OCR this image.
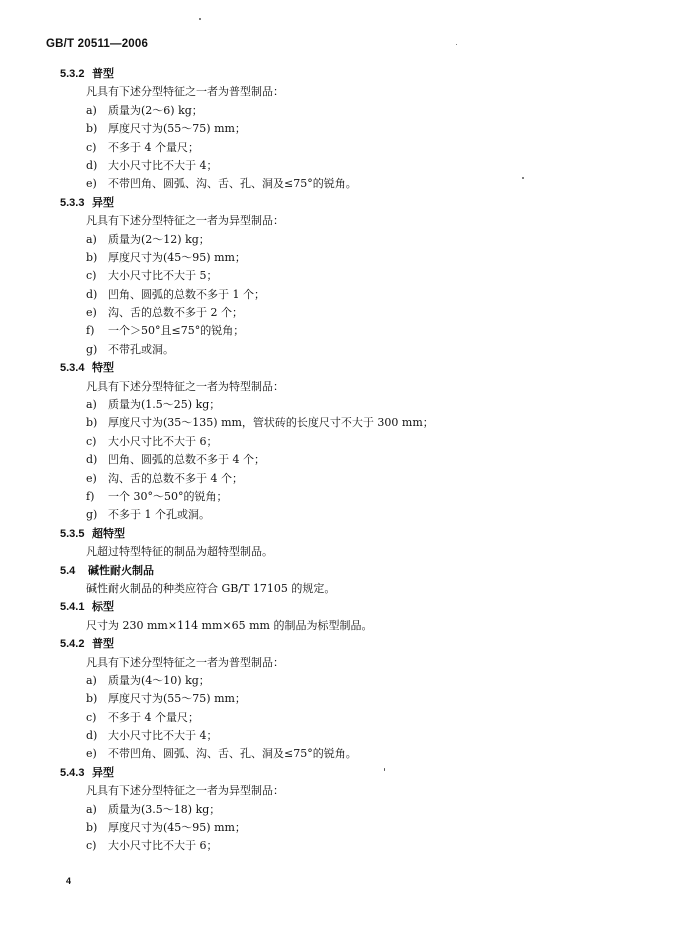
GB/T 20511—2006

5.3.2 普型
凡具有下述分型特征之一者为普型制品：
a) 质量为(2～6) kg；
b) 厚度尺寸为(55～75) mm；
c) 不多于 4 个量尺；
d) 大小尺寸比不大于 4；
e) 不带凹角、圆弧、沟、舌、孔、洞及≤75°的锐角。
5.3.3 异型
凡具有下述分型特征之一者为异型制品：
a) 质量为(2～12) kg；
b) 厚度尺寸为(45～95) mm；
c) 大小尺寸比不大于 5；
d) 凹角、圆弧的总数不多于 1 个；
e) 沟、舌的总数不多于 2 个；
f) 一个＞50°且≤75°的锐角；
g) 不带孔或洞。
5.3.4 特型
凡具有下述分型特征之一者为特型制品：
a) 质量为(1.5～25) kg；
b) 厚度尺寸为(35～135) mm，管状砖的长度尺寸不大于 300 mm；
c) 大小尺寸比不大于 6；
d) 凹角、圆弧的总数不多于 4 个；
e) 沟、舌的总数不多于 4 个；
f) 一个 30°～50°的锐角；
g) 不多于 1 个孔或洞。
5.3.5 超特型
凡超过特型特征的制品为超特型制品。
5.4 碱性耐火制品
碱性耐火制品的种类应符合 GB/T 17105 的规定。
5.4.1 标型
尺寸为 230 mm×114 mm×65 mm 的制品为标型制品。
5.4.2 普型
凡具有下述分型特征之一者为普型制品：
a) 质量为(4～10) kg；
b) 厚度尺寸为(55～75) mm；
c) 不多于 4 个量尺；
d) 大小尺寸比不大于 4；
e) 不带凹角、圆弧、沟、舌、孔、洞及≤75°的锐角。
5.4.3 异型
凡具有下述分型特征之一者为异型制品：
a) 质量为(3.5～18) kg；
b) 厚度尺寸为(45～95) mm；
c) 大小尺寸比不大于 6；
4
